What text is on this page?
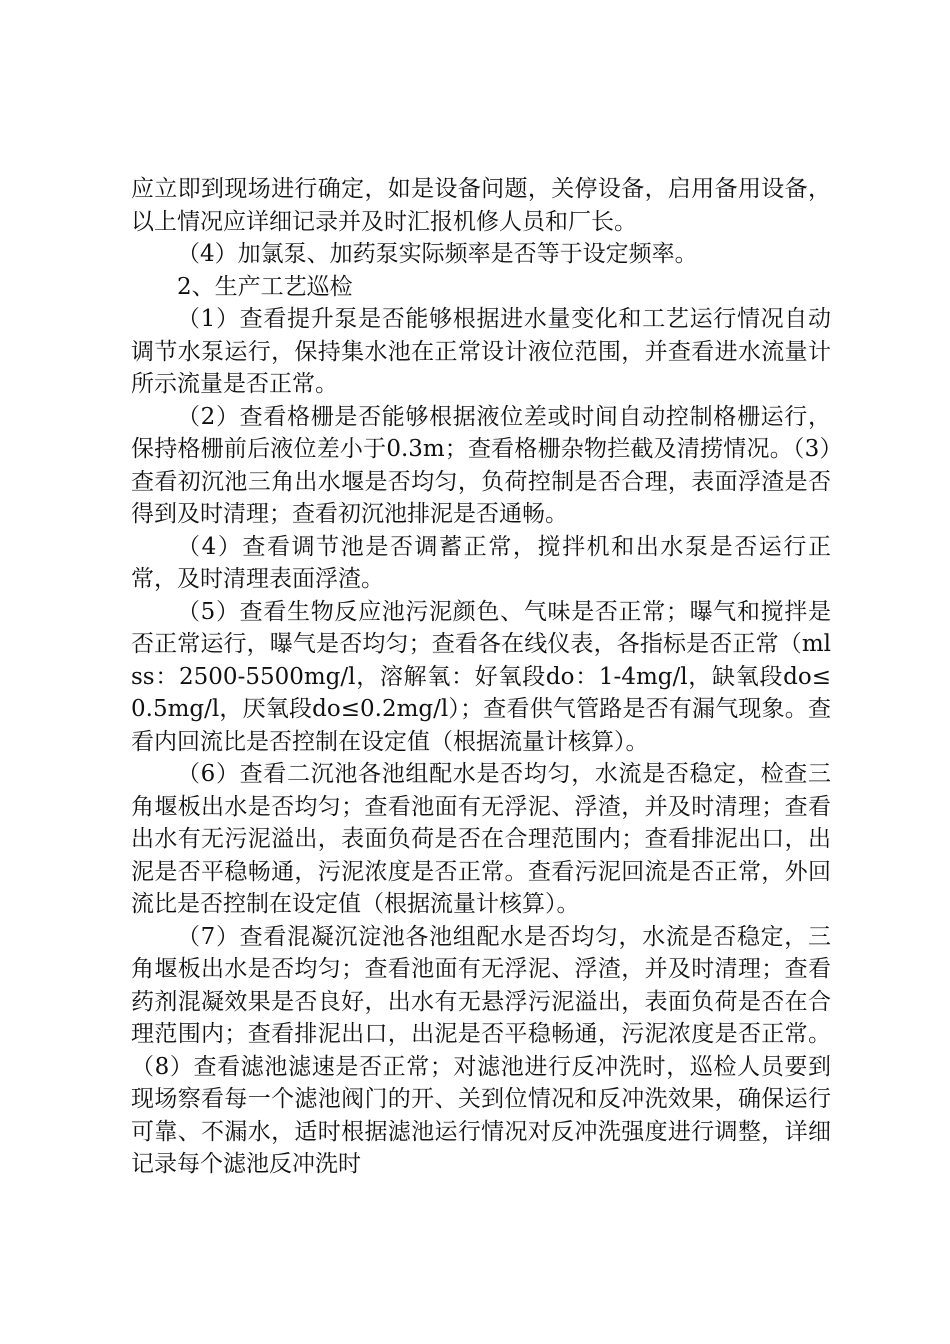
应立即到现场进行确定，如是设备问题，关停设备，启用备用设备，以上情况应详细记录并及时汇报机修人员和厂长。

（4）加氯泵、加药泵实际频率是否等于设定频率。

2、生产工艺巡检

（1）查看提升泵是否能够根据进水量变化和工艺运行情况自动调节水泵运行，保持集水池在正常设计液位范围，并查看进水流量计所示流量是否正常。

（2）查看格栅是否能够根据液位差或时间自动控制格栅运行，保持格栅前后液位差小于0.3m；查看格栅杂物拦截及清捞情况。（3）查看初沉池三角出水堰是否均匀，负荷控制是否合理，表面浮渣是否得到及时清理；查看初沉池排泥是否通畅。

（4）查看调节池是否调蓄正常，搅拌机和出水泵是否运行正常，及时清理表面浮渣。

（5）查看生物反应池污泥颜色、气味是否正常；曝气和搅拌是否正常运行，曝气是否均匀；查看各在线仪表，各指标是否正常（mlss：2500-5500mg/l，溶解氧：好氧段do：1-4mg/l，缺氧段do≤0.5mg/l，厌氧段do≤0.2mg/l）；查看供气管路是否有漏气现象。查看内回流比是否控制在设定值（根据流量计核算）。

（6）查看二沉池各池组配水是否均匀，水流是否稳定，检查三角堰板出水是否均匀；查看池面有无浮泥、浮渣，并及时清理；查看出水有无污泥溢出，表面负荷是否在合理范围内；查看排泥出口，出泥是否平稳畅通，污泥浓度是否正常。查看污泥回流是否正常，外回流比是否控制在设定值（根据流量计核算）。

（7）查看混凝沉淀池各池组配水是否均匀，水流是否稳定，三角堰板出水是否均匀；查看池面有无浮泥、浮渣，并及时清理；查看药剂混凝效果是否良好，出水有无悬浮污泥溢出，表面负荷是否在合理范围内；查看排泥出口，出泥是否平稳畅通，污泥浓度是否正常。（8）查看滤池滤速是否正常；对滤池进行反冲洗时，巡检人员要到现场察看每一个滤池阀门的开、关到位情况和反冲洗效果，确保运行可靠、不漏水，适时根据滤池运行情况对反冲洗强度进行调整，详细记录每个滤池反冲洗时
